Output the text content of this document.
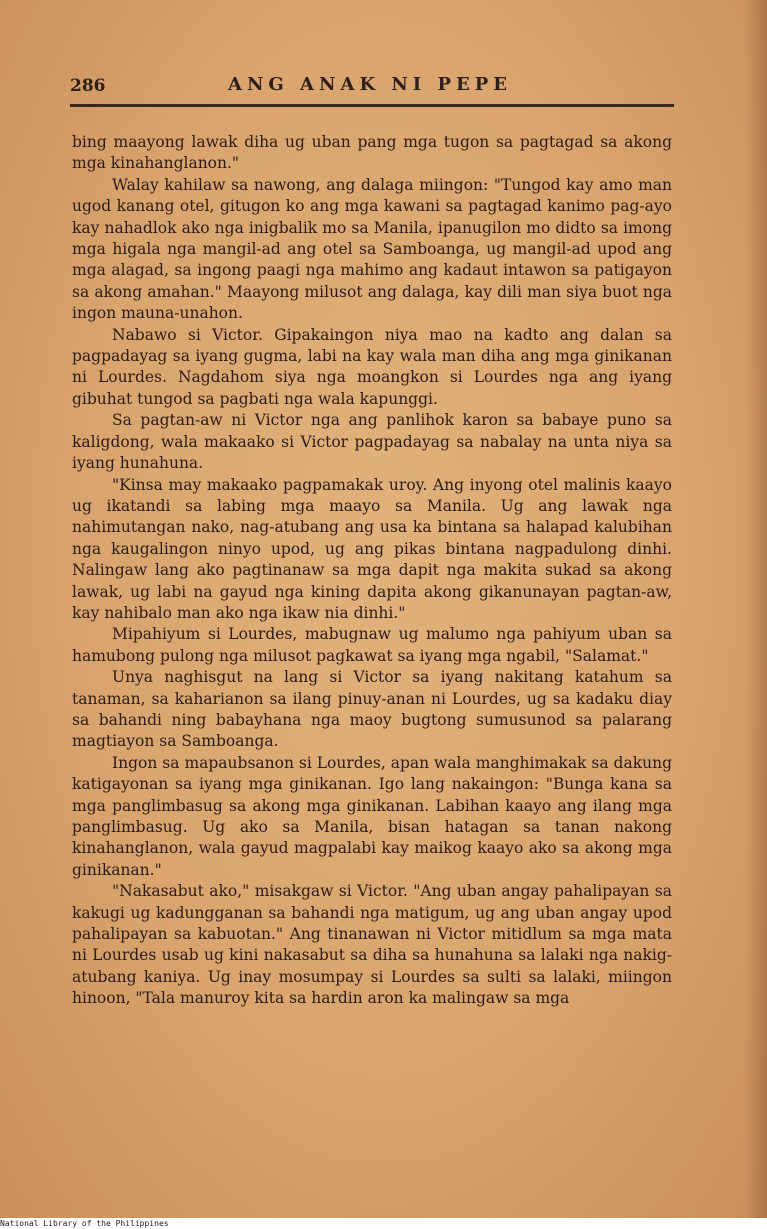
286	ANG ANAK NI PEPE

bing maayong lawak diha ug uban pang mga tugon sa pagtagad sa akong mga kinahanglanon."

Walay kahilaw sa nawong, ang dalaga miingon: "Tungod kay amo man ugod kanang otel, gitugon ko ang mga kawani sa pagtagad kanimo pag-ayo kay nahadlok ako nga inigbalik mo sa Manila, ipanugilon mo didto sa imong mga higala nga mangil-ad ang otel sa Samboanga, ug mangil-ad upod ang mga alagad, sa ingong paagi nga mahimo ang kadaut intawon sa patigayon sa akong amahan." Maayong milusot ang dalaga, kay dili man siya buot nga ingon mauna-unahon.

Nabawo si Victor. Gipakaingon niya mao na kadto ang dalan sa pagpadayag sa iyang gugma, labi na kay wala man diha ang mga ginikanan ni Lourdes. Nagdahom siya nga moangkon si Lourdes nga ang iyang gibuhat tungod sa pagbati nga wala kapunggi.

Sa pagtan-aw ni Victor nga ang panlihok karon sa babaye puno sa kaligdong, wala makaako si Victor pagpadayag sa nabalay na unta niya sa iyang hunahuna.

"Kinsa may makaako pagpamakak uroy. Ang inyong otel malinis kaayo ug ikatandi sa labing mga maayo sa Manila. Ug ang lawak nga nahimutangan nako, nag-atubang ang usa ka bintana sa halapad kalubihan nga kaugalingon ninyo upod, ug ang pikas bintana nagpadulong dinhi. Nalingaw lang ako pagtinanaw sa mga dapit nga makita sukad sa akong lawak, ug labi na gayud nga kining dapita akong gikanunayan pagtan-aw, kay nahibalo man ako nga ikaw nia dinhi."

Mipahiyum si Lourdes, mabugnaw ug malumo nga pahiyum uban sa hamubong pulong nga milusot pagkawat sa iyang mga ngabil, "Salamat."

Unya naghisgut na lang si Victor sa iyang nakitang katahum sa tanaman, sa kaharianon sa ilang pinuy-anan ni Lourdes, ug sa kadaku diay sa bahandi ning babayhana nga maoy bugtong sumusunod sa palarang magtiayon sa Samboanga.

Ingon sa mapaubsanon si Lourdes, apan wala manghimakak sa dakung katigayonan sa iyang mga ginikanan. Igo lang nakaingon: "Bunga kana sa mga panglimbasug sa akong mga ginikanan. Labihan kaayo ang ilang mga panglimbasug. Ug ako sa Manila, bisan hatagan sa tanan nakong kinahanglanon, wala gayud magpalabi kay maikog kaayo ako sa akong mga ginikanan."

"Nakasabut ako," misakgaw si Victor. "Ang uban angay pahalipayan sa kakugi ug kadungganan sa bahandi nga matigum, ug ang uban angay upod pahalipayan sa kabuotan." Ang tinanawan ni Victor mitidlum sa mga mata ni Lourdes usab ug kini nakasabut sa diha sa hunahuna sa lalaki nga nakig-atubang kaniya. Ug inay mosumpay si Lourdes sa sulti sa lalaki, miingon hinoon, "Tala manuroy kita sa hardin aron ka malingaw sa mga

National Library of the Philippines
